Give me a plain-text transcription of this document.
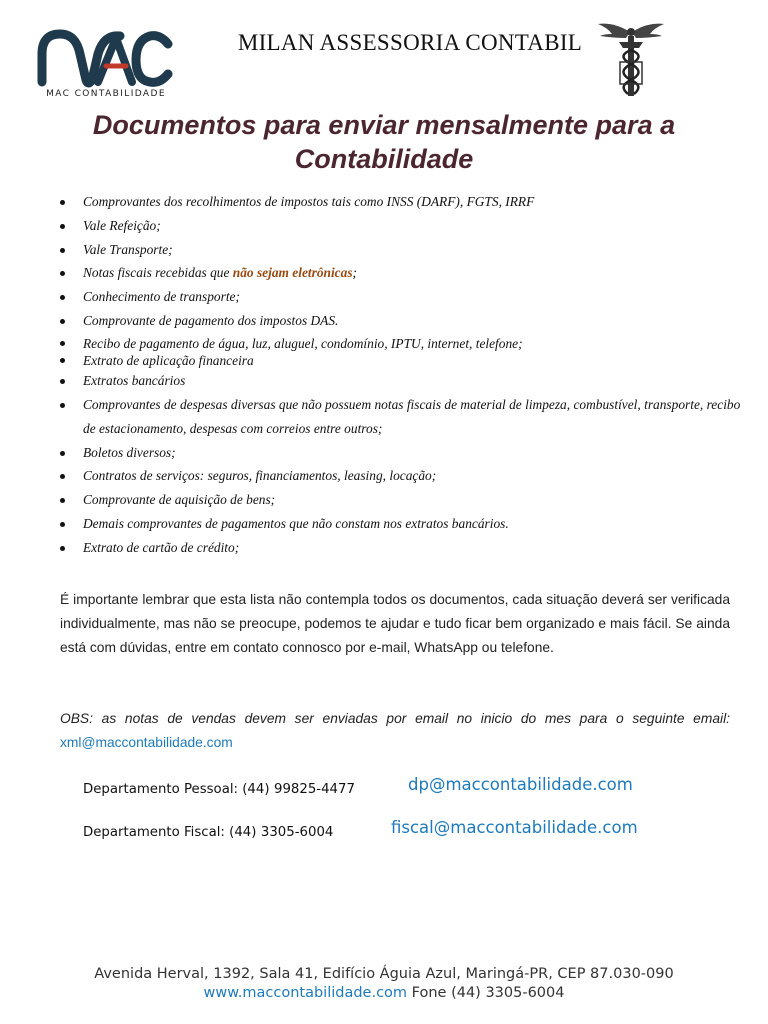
MAC CONTABILIDADE
MILAN ASSESSORIA CONTABIL
Documentos para enviar mensalmente para a Contabilidade
Comprovantes dos recolhimentos de impostos tais como INSS (DARF), FGTS, IRRF
Vale Refeição;
Vale Transporte;
Notas fiscais recebidas que não sejam eletrônicas;
Conhecimento de transporte;
Comprovante de pagamento dos impostos DAS.
Recibo de pagamento de água, luz, aluguel, condomínio, IPTU, internet, telefone;
Extrato de aplicação financeira
Extratos bancários
Comprovantes de despesas diversas que não possuem notas fiscais de material de limpeza, combustível, transporte, recibo de estacionamento, despesas com correios entre outros;
Boletos diversos;
Contratos de serviços: seguros, financiamentos, leasing, locação;
Comprovante de aquisição de bens;
Demais comprovantes de pagamentos que não constam nos extratos bancários.
Extrato de cartão de crédito;

É importante lembrar que esta lista não contempla todos os documentos, cada situação deverá ser verificada individualmente, mas não se preocupe, podemos te ajudar e tudo ficar bem organizado e mais fácil. Se ainda está com dúvidas, entre em contato connosco por e-mail, WhatsApp ou telefone.

OBS: as notas de vendas devem ser enviadas por email no inicio do mes para o seguinte email: xml@maccontabilidade.com

Departamento Pessoal: (44) 99825-4477	dp@maccontabilidade.com
Departamento Fiscal: (44) 3305-6004	fiscal@maccontabilidade.com
Avenida Herval, 1392, Sala 41, Edifício Águia Azul, Maringá-PR, CEP 87.030-090
www.maccontabilidade.com Fone (44) 3305-6004
